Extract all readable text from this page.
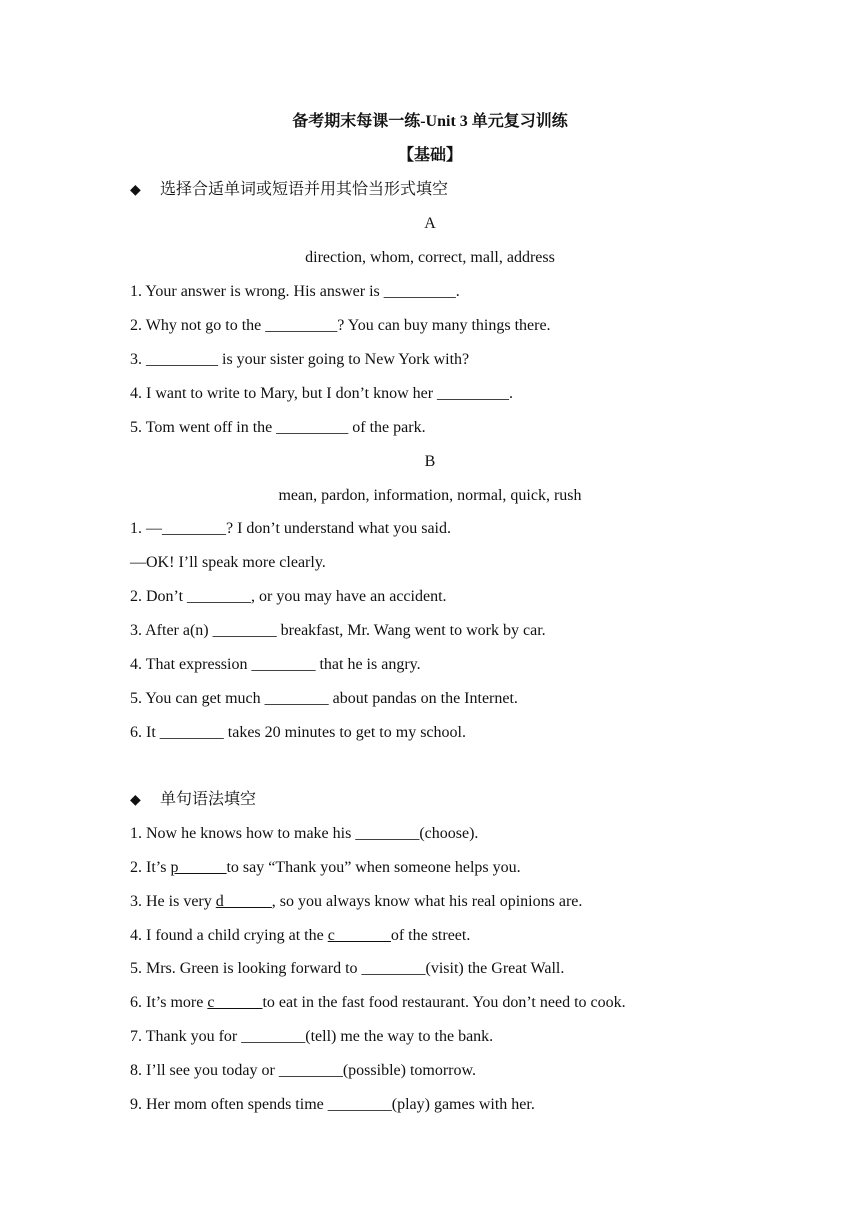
备考期末每课一练-Unit 3 单元复习训练
【基础】
◆ 选择合适单词或短语并用其恰当形式填空
A
direction, whom, correct, mall, address
1. Your answer is wrong. His answer is _________.
2. Why not go to the _________? You can buy many things there.
3. _________ is your sister going to New York with?
4. I want to write to Mary, but I don’t know her _________.
5. Tom went off in the _________ of the park.
B
mean, pardon, information, normal, quick, rush
1. —________? I don’t understand what you said.
—OK! I’ll speak more clearly.
2. Don’t ________, or you may have an accident.
3. After a(n) ________ breakfast, Mr. Wang went to work by car.
4. That expression ________ that he is angry.
5. You can get much ________ about pandas on the Internet.
6. It ________ takes 20 minutes to get to my school.
◆ 单句语法填空
1. Now he knows how to make his ________(choose).
2. It’s p______to say “Thank you” when someone helps you.
3. He is very d______, so you always know what his real opinions are.
4. I found a child crying at the c_______of the street.
5. Mrs. Green is looking forward to ________(visit) the Great Wall.
6. It’s more c______to eat in the fast food restaurant. You don’t need to cook.
7. Thank you for ________(tell) me the way to the bank.
8. I’ll see you today or ________(possible) tomorrow.
9. Her mom often spends time ________(play) games with her.
